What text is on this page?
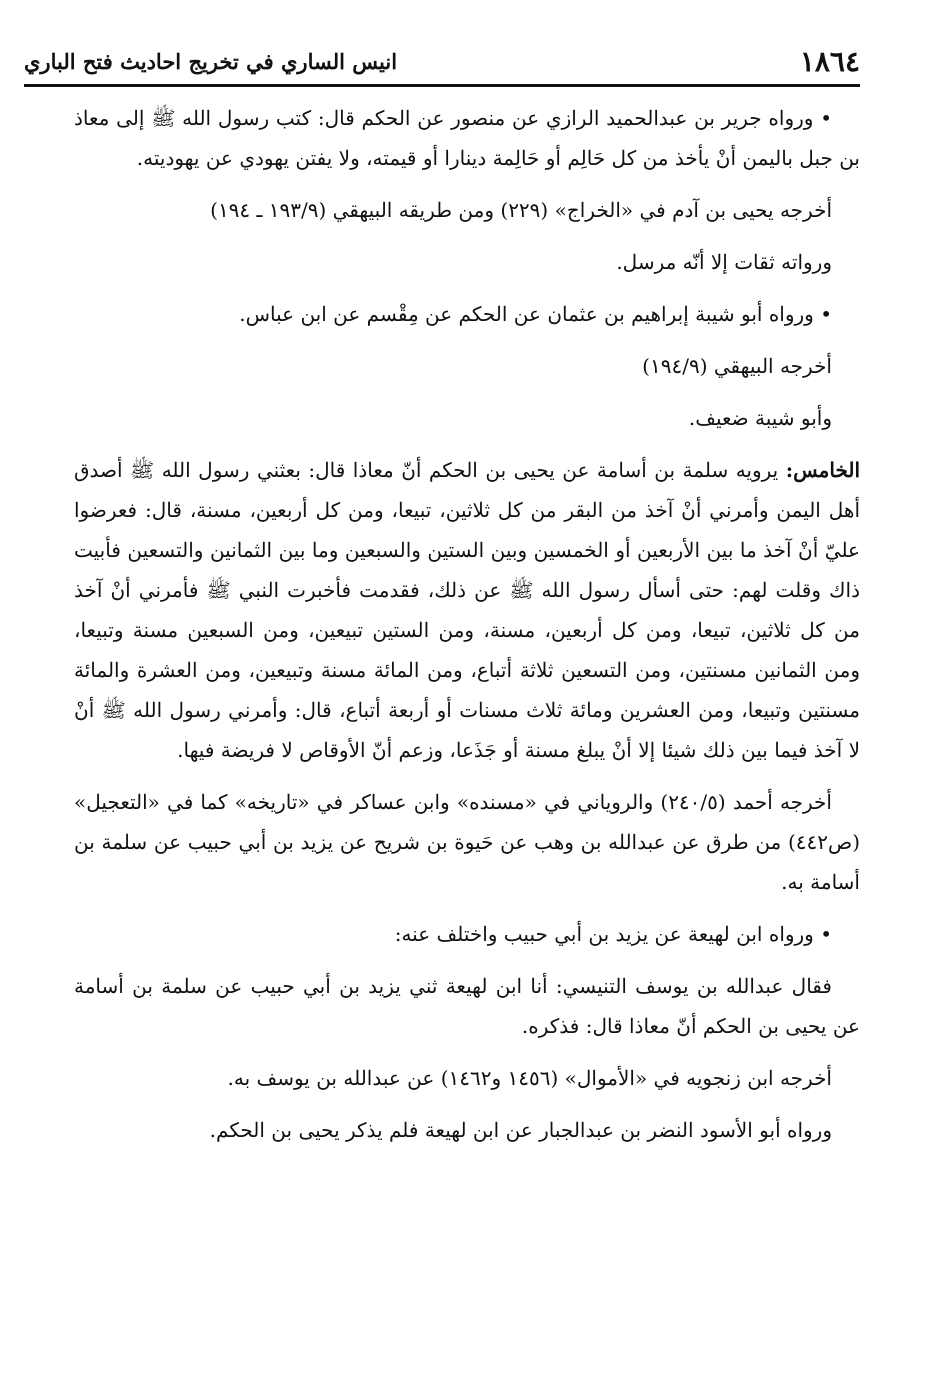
١٨٦٤
انيس الساري في تخريج احاديث فتح الباري

• ورواه جرير بن عبدالحميد الرازي عن منصور عن الحكم قال: كتب رسول الله ﷺ إلى معاذ بن جبل باليمن أنْ يأخذ من كل حَالِم أو حَالِمة دينارا أو قيمته، ولا يفتن يهودي عن يهوديته.

أخرجه يحيى بن آدم في «الخراج» (٢٢٩) ومن طريقه البيهقي (١٩٣/٩ ـ ١٩٤)

ورواته ثقات إلا أنّه مرسل.

• ورواه أبو شيبة إبراهيم بن عثمان عن الحكم عن مِقْسم عن ابن عباس.

أخرجه البيهقي (١٩٤/٩)

وأبو شيبة ضعيف.

الخامس: يرويه سلمة بن أسامة عن يحيى بن الحكم أنّ معاذا قال: بعثني رسول الله ﷺ أصدق أهل اليمن وأمرني أنْ آخذ من البقر من كل ثلاثين، تبيعا، ومن كل أربعين، مسنة، قال: فعرضوا عليّ أنْ آخذ ما بين الأربعين أو الخمسين وبين الستين والسبعين وما بين الثمانين والتسعين فأبيت ذاك وقلت لهم: حتى أسأل رسول الله ﷺ عن ذلك، فقدمت فأخبرت النبي ﷺ فأمرني أنْ آخذ من كل ثلاثين، تبيعا، ومن كل أربعين، مسنة، ومن الستين تبيعين، ومن السبعين مسنة وتبيعا، ومن الثمانين مسنتين، ومن التسعين ثلاثة أتباع، ومن المائة مسنة وتبيعين، ومن العشرة والمائة مسنتين وتبيعا، ومن العشرين ومائة ثلاث مسنات أو أربعة أتباع، قال: وأمرني رسول الله ﷺ أنْ لا آخذ فيما بين ذلك شيئا إلا أنْ يبلغ مسنة أو جَذَعا، وزعم أنّ الأوقاص لا فريضة فيها.

أخرجه أحمد (٢٤٠/٥) والروياني في «مسنده» وابن عساكر في «تاريخه» كما في «التعجيل» (ص٤٤٢) من طرق عن عبدالله بن وهب عن حَيوة بن شريح عن يزيد بن أبي حبيب عن سلمة بن أسامة به.

• ورواه ابن لهيعة عن يزيد بن أبي حبيب واختلف عنه:

فقال عبدالله بن يوسف التنيسي: أنا ابن لهيعة ثني يزيد بن أبي حبيب عن سلمة بن أسامة عن يحيى بن الحكم أنّ معاذا قال: فذكره.

أخرجه ابن زنجويه في «الأموال» (١٤٥٦ و١٤٦٢) عن عبدالله بن يوسف به.

ورواه أبو الأسود النضر بن عبدالجبار عن ابن لهيعة فلم يذكر يحيى بن الحكم.
